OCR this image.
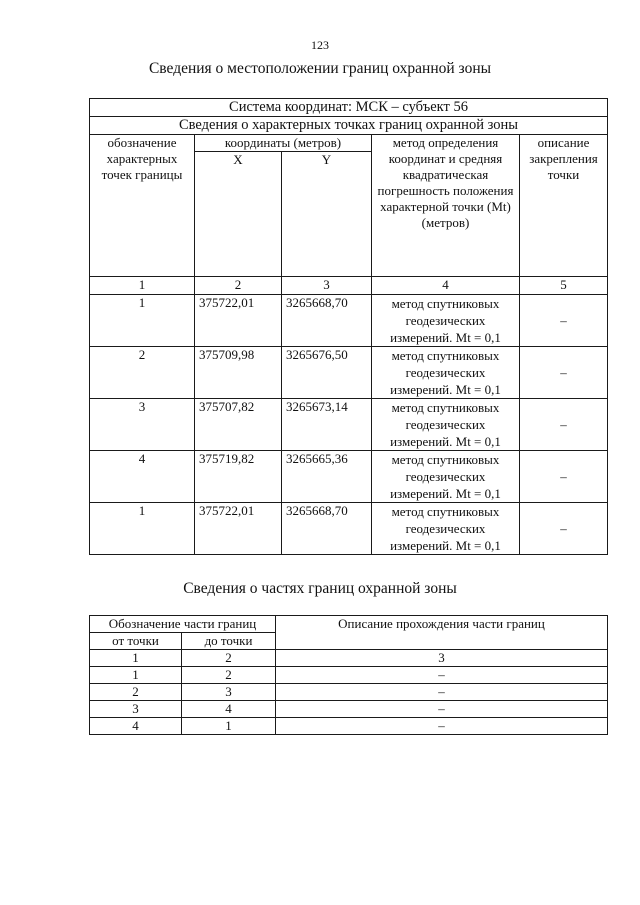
123
Сведения о местоположении границ охранной зоны
Система координат: МСК – субъект 56				
Сведения о характерных точках границ охранной зоны				
обозначение характерных точек границы	координаты (метров)		метод определения координат и средняя квадратическая погрешность положения характерной точки (Mt) (метров)	описание закрепления точки
	X	Y		
1	2	3	4	5
1	375722,01	3265668,70	метод спутниковых
геодезических
измерений. Mt = 0,1	–
2	375709,98	3265676,50	метод спутниковых
геодезических
измерений. Mt = 0,1	–
3	375707,82	3265673,14	метод спутниковых
геодезических
измерений. Mt = 0,1	–
4	375719,82	3265665,36	метод спутниковых
геодезических
измерений. Mt = 0,1	–
1	375722,01	3265668,70	метод спутниковых
геодезических
измерений. Mt = 0,1	–
Сведения о частях границ охранной зоны
Обозначение части границ		Описание прохождения части границ
от точки	до точки	
1	2	3
1	2	–
2	3	–
3	4	–
4	1	–
